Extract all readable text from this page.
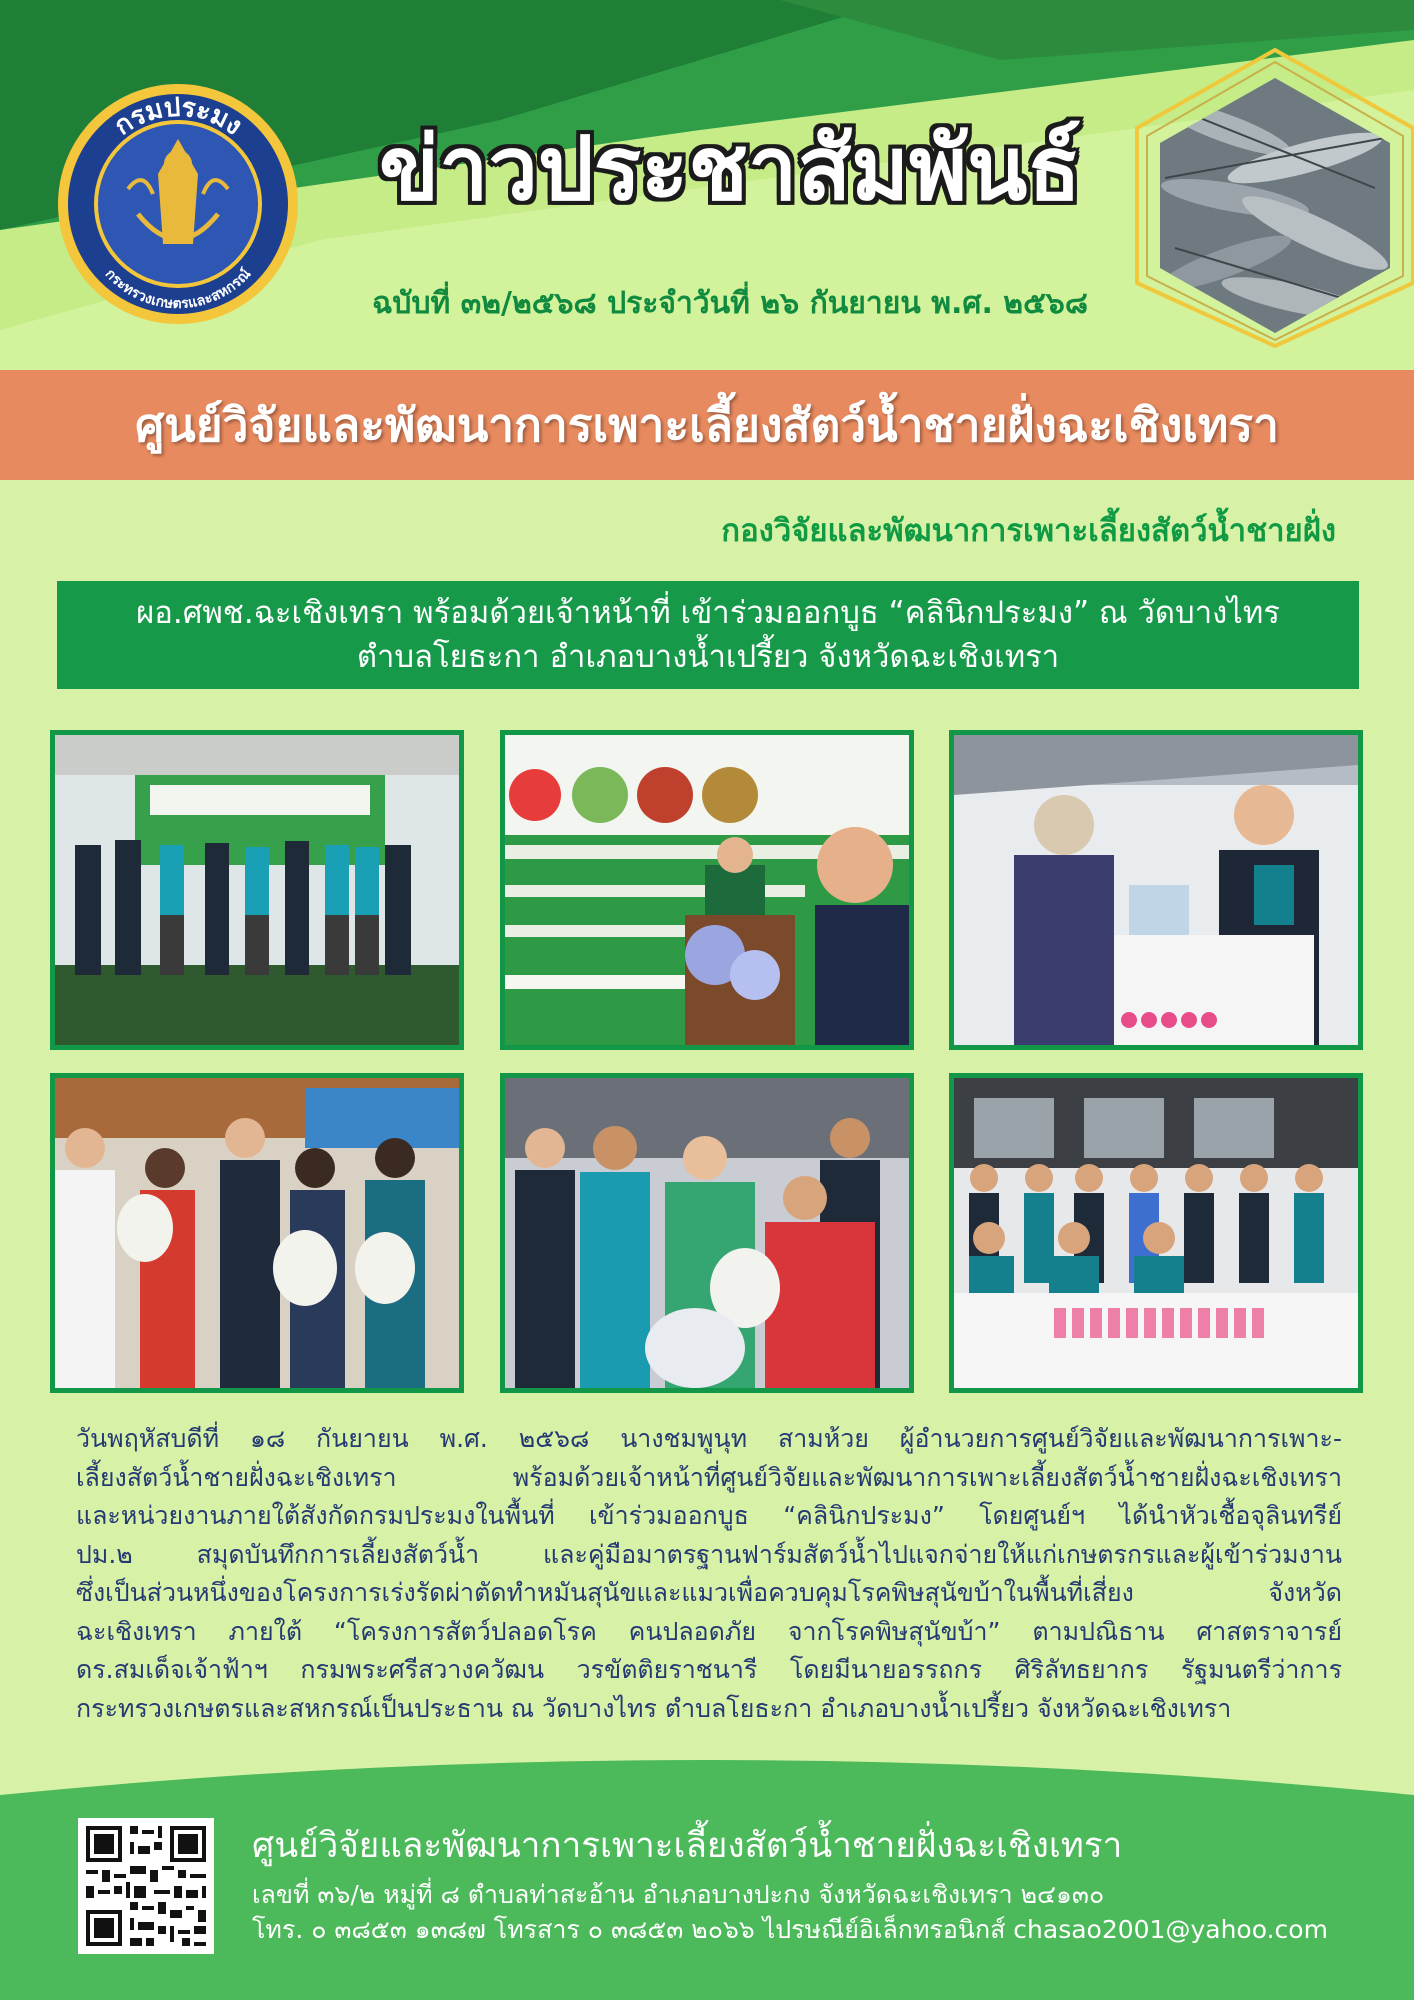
กรมประมง
กระทรวงเกษตรและสหกรณ์
ข่าวประชาสัมพันธ์
ฉบับที่ ๓๒/๒๕๖๘ ประจำวันที่ ๒๖ กันยายน พ.ศ. ๒๕๖๘
ศูนย์วิจัยและพัฒนาการเพาะเลี้ยงสัตว์น้ำชายฝั่งฉะเชิงเทรา
กองวิจัยและพัฒนาการเพาะเลี้ยงสัตว์น้ำชายฝั่ง
ผอ.ศพช.ฉะเชิงเทรา พร้อมด้วยเจ้าหน้าที่ เข้าร่วมออกบูธ “คลินิกประมง” ณ วัดบางไทร
ตำบลโยธะกา อำเภอบางน้ำเปรี้ยว จังหวัดฉะเชิงเทรา
วันพฤหัสบดีที่ ๑๘ กันยายน พ.ศ. ๒๕๖๘ นางชมพูนุท สามห้วย ผู้อำนวยการศูนย์วิจัยและพัฒนาการเพาะ-
เลี้ยงสัตว์น้ำชายฝั่งฉะเชิงเทรา พร้อมด้วยเจ้าหน้าที่ศูนย์วิจัยและพัฒนาการเพาะเลี้ยงสัตว์น้ำชายฝั่งฉะเชิงเทรา
และหน่วยงานภายใต้สังกัดกรมประมงในพื้นที่ เข้าร่วมออกบูธ “คลินิกประมง” โดยศูนย์ฯ ได้นำหัวเชื้อจุลินทรีย์
ปม.๒ สมุดบันทึกการเลี้ยงสัตว์น้ำ และคู่มือมาตรฐานฟาร์มสัตว์น้ำไปแจกจ่ายให้แก่เกษตรกรและผู้เข้าร่วมงาน
ซึ่งเป็นส่วนหนึ่งของโครงการเร่งรัดผ่าตัดทำหมันสุนัขและแมวเพื่อควบคุมโรคพิษสุนัขบ้าในพื้นที่เสี่ยง จังหวัด
ฉะเชิงเทรา ภายใต้ “โครงการสัตว์ปลอดโรค คนปลอดภัย จากโรคพิษสุนัขบ้า” ตามปณิธาน ศาสตราจารย์
ดร.สมเด็จเจ้าฟ้าฯ กรมพระศรีสวางควัฒน วรขัตติยราชนารี โดยมีนายอรรถกร ศิริลัทธยากร รัฐมนตรีว่าการ
กระทรวงเกษตรและสหกรณ์เป็นประธาน ณ วัดบางไทร ตำบลโยธะกา อำเภอบางน้ำเปรี้ยว จังหวัดฉะเชิงเทรา
ศูนย์วิจัยและพัฒนาการเพาะเลี้ยงสัตว์น้ำชายฝั่งฉะเชิงเทรา
เลขที่ ๓๖/๒ หมู่ที่ ๘ ตำบลท่าสะอ้าน อำเภอบางปะกง จังหวัดฉะเชิงเทรา ๒๔๑๓๐
โทร. ๐ ๓๘๕๓ ๑๓๘๗ โทรสาร ๐ ๓๘๕๓ ๒๐๖๖ ไปรษณีย์อิเล็กทรอนิกส์ chasao2001@yahoo.com
